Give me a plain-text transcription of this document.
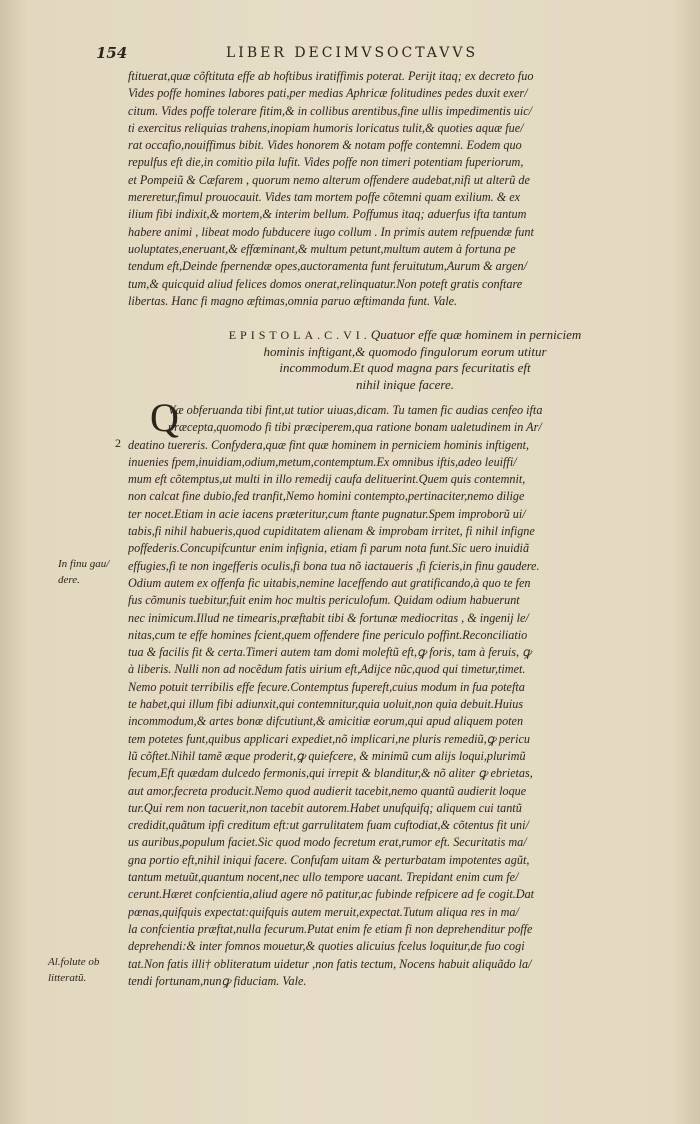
154	LIBER DECIMVSOCTAVVS
ftituerat,quæ cõftituta effe ab hoftibus iratiffimis poterat. Perijt itaq; ex decreto fuo
Vides poffe homines labores pati,per medias Aphricæ folitudines pedes duxit exer/
citum. Vides poffe tolerare fitim,& in collibus arentibus,fine ullis impedimentis uic/
ti exercitus reliquias trahens,inopiam humoris loricatus tulit,& quoties aquæ fue/
rat occafio,nouiffimus bibit. Vides honorem & notam poffe contemni. Eodem quo
repulfus eft die,in comitio pila lufit. Vides poffe non timeri potentiam fuperiorum,
et Pompeiũ & Cæfarem , quorum nemo alterum offendere audebat,nifi ut alterũ de
mereretur,fimul prouocauit. Vides tam mortem poffe cõtemni quam exilium. & ex
ilium fibi indixit,& mortem,& interim bellum. Poffumus itaq; aduerfus ifta tantum
habere animi , libeat modo fubducere iugo collum . In primis autem refpuendæ funt
uoluptates,eneruant,& effœminant,& multum petunt,multum autem à fortuna pe
tendum eft,Deinde fpernendæ opes,auctoramenta funt feruitutum,Aurum & argen/
tum,& quicquid aliud felices domos onerat,relinquatur.Non poteft gratis conftare
libertas. Hanc fi magno æftimas,omnia paruo æftimanda funt. Vale.
EPISTOLA.C.VI.Quatuor effe quæ hominem in perniciem
hominis inftigant,& quomodo fingulorum eorum utitur
incommodum.Et quod magna pars fecuritatis eft
nihil inique facere.
Q
Væ obferuanda tibi fint,ut tutior uiuas,dicam. Tu tamen fic audias cenfeo ifta
præcepta,quomodo fi tibi præciperem,qua ratione bonam ualetudinem in Ar/
deatino tuereris. Confydera,quæ fint quæ hominem in perniciem hominis inftigent,
inuenies fpem,inuidiam,odium,metum,contemptum.Ex omnibus iftis,adeo leuiffi/
mum eft cõtemptus,ut multi in illo remedij caufa delituerint.Quem quis contemnit,
non calcat fine dubio,fed tranfit,Nemo homini contempto,pertinaciter,nemo dilige
ter nocet.Etiam in acie iacens præteritur,cum ftante pugnatur.Spem improborũ ui/
tabis,fi nihil habueris,quod cupiditatem alienam & improbam irritet, fi nihil infigne
poffederis.Concupifcuntur enim infignia, etiam fi parum nota funt.Sic uero inuidiã
effugies,fi te non ingefferis oculis,fi bona tua nõ iactaueris ,fi fcieris,in finu gaudere.
Odium autem ex offenfa fic uitabis,nemine laceffendo aut gratificando,à quo te fen
fus cõmunis tuebitur,fuit enim hoc multis periculofum. Quidam odium habuerunt
nec inimicum.Illud ne timearis,præftabit tibi & fortunæ mediocritas , & ingenij le/
nitas,cum te effe homines fcient,quem offendere fine periculo poffint.Reconciliatio
tua & facilis fit & certa.Timeri autem tam domi moleftũ eft,ꝙ foris, tam à feruis, ꝙ
à liberis. Nulli non ad nocẽdum fatis uirium eft,Adijce nũc,quod qui timetur,timet.
Nemo potuit terribilis effe fecure.Contemptus fupereft,cuius modum in fua potefta
te habet,qui illum fibi adiunxit,qui contemnitur,quia uoluit,non quia debuit.Huius
incommodum,& artes bonæ difcutiunt,& amicitiæ eorum,qui apud aliquem poten
tem potetes funt,quibus applicari expediet,nõ implicari,ne pluris remediũ,ꝙ pericu
lũ cõftet.Nihil tamẽ æque proderit,ꝙ quiefcere, & minimũ cum alijs loqui,plurimũ
fecum,Eft quædam dulcedo fermonis,qui irrepit & blanditur,& nõ aliter ꝙ ebrietas,
aut amor,fecreta producit.Nemo quod audierit tacebit,nemo quantũ audierit loque
tur.Qui rem non tacuerit,non tacebit autorem.Habet unufquifq; aliquem cui tantũ
credidit,quãtum ipfi creditum eft:ut garrulitatem fuam cuftodiat,& cõtentus fit uni/
us auribus,populum faciet.Sic quod modo fecretum erat,rumor eft. Securitatis ma/
gna portio eft,nihil iniqui facere. Confufam uitam & perturbatam impotentes agũt,
tantum metuũt,quantum nocent,nec ullo tempore uacant. Trepidant enim cum fe/
cerunt.Hæret confcientia,aliud agere nõ patitur,ac fubinde refpicere ad fe cogit.Dat
pœnas,quifquis expectat:quifquis autem meruit,expectat.Tutum aliqua res in ma/
la confcientia præftat,nulla fecurum.Putat enim fe etiam fi non deprehenditur poffe
deprehendi:& inter fomnos mouetur,& quoties alicuius fcelus loquitur,de fuo cogi
tat.Non fatis illi† obliteratum uidetur ,non fatis tectum, Nocens habuit aliquãdo la/
tendi fortunam,nunꝙ fiduciam. Vale.
2
In finu gau/
dere.
Al.folute ob
litteratũ.
